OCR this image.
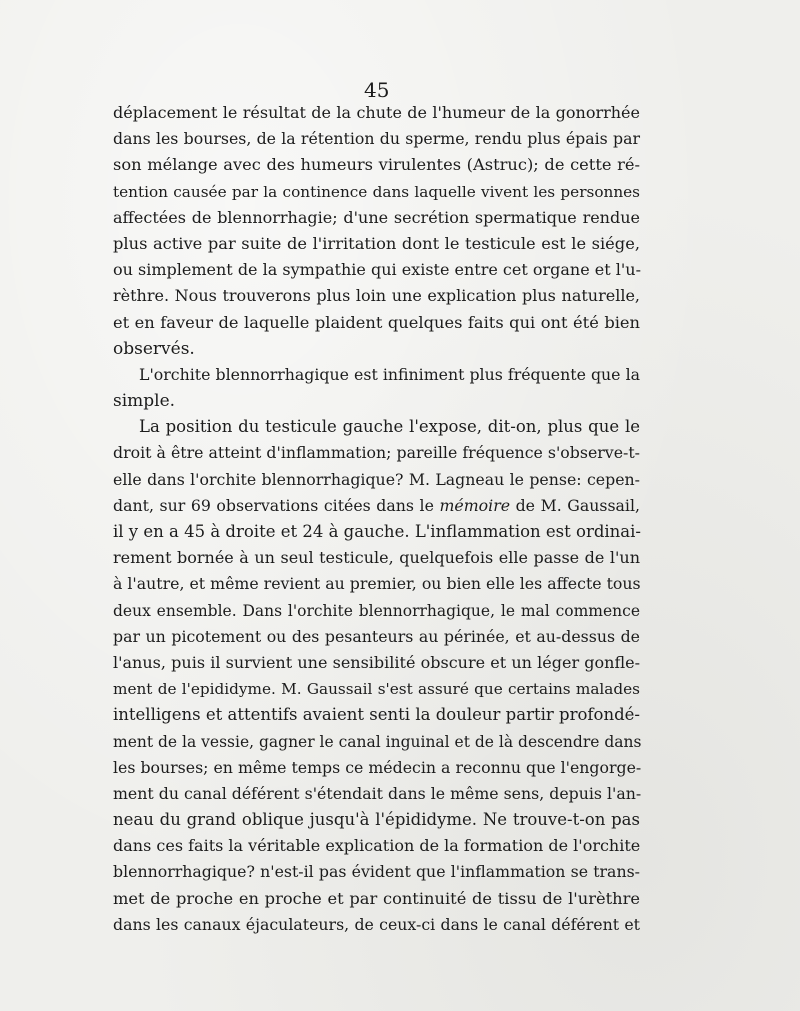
45
déplacement le résultat de la chute de l'humeur de la gonorrhée
dans les bourses, de la rétention du sperme, rendu plus épais par
son mélange avec des humeurs virulentes (Astruc); de cette ré-
tention causée par la continence dans laquelle vivent les personnes
affectées de blennorrhagie; d'une secrétion spermatique rendue
plus active par suite de l'irritation dont le testicule est le siége,
ou simplement de la sympathie qui existe entre cet organe et l'u-
rèthre. Nous trouverons plus loin une explication plus naturelle,
et en faveur de laquelle plaident quelques faits qui ont été bien
observés.
L'orchite blennorrhagique est infiniment plus fréquente que la
simple.
La position du testicule gauche l'expose, dit-on, plus que le
droit à être atteint d'inflammation; pareille fréquence s'observe-t-
elle dans l'orchite blennorrhagique? M. Lagneau le pense: cepen-
dant, sur 69 observations citées dans le mémoire de M. Gaussail,
il y en a 45 à droite et 24 à gauche. L'inflammation est ordinai-
rement bornée à un seul testicule, quelquefois elle passe de l'un
à l'autre, et même revient au premier, ou bien elle les affecte tous
deux ensemble. Dans l'orchite blennorrhagique, le mal commence
par un picotement ou des pesanteurs au périnée, et au-dessus de
l'anus, puis il survient une sensibilité obscure et un léger gonfle-
ment de l'epididyme. M. Gaussail s'est assuré que certains malades
intelligens et attentifs avaient senti la douleur partir profondé-
ment de la vessie, gagner le canal inguinal et de là descendre dans
les bourses; en même temps ce médecin a reconnu que l'engorge-
ment du canal déférent s'étendait dans le même sens, depuis l'an-
neau du grand oblique jusqu'à l'épididyme. Ne trouve-t-on pas
dans ces faits la véritable explication de la formation de l'orchite
blennorrhagique? n'est-il pas évident que l'inflammation se trans-
met de proche en proche et par continuité de tissu de l'urèthre
dans les canaux éjaculateurs, de ceux-ci dans le canal déférent et
